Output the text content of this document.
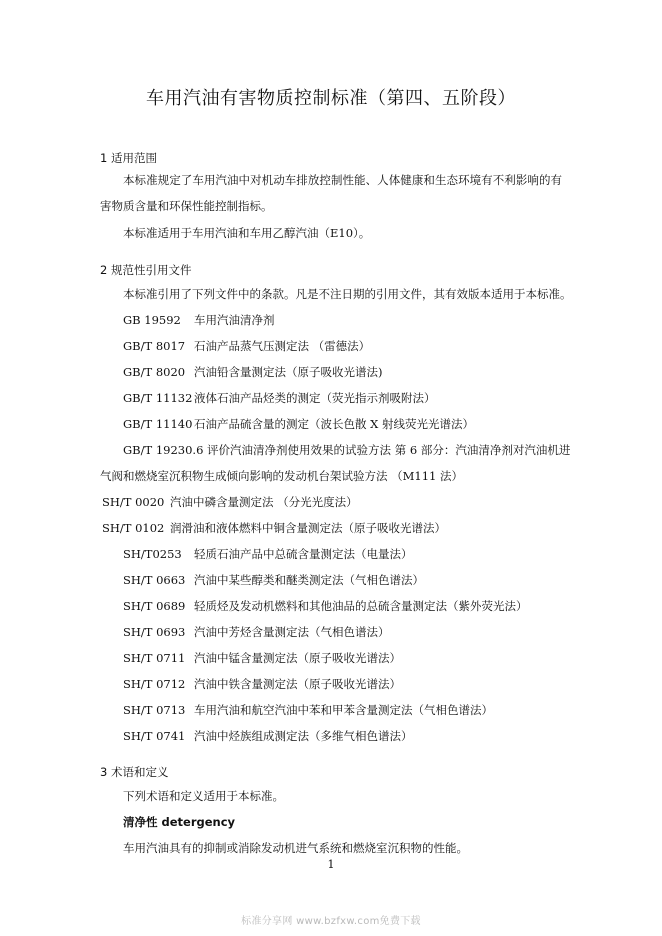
车用汽油有害物质控制标准（第四、五阶段）
1 适用范围

本标准规定了车用汽油中对机动车排放控制性能、人体健康和生态环境有不利影响的有害物质含量和环保性能控制指标。

本标准适用于车用汽油和车用乙醇汽油（E10）。
2 规范性引用文件
本标准引用了下列文件中的条款。凡是不注日期的引用文件，其有效版本适用于本标准。
GB 19592 车用汽油清净剂
GB/T 8017 石油产品蒸气压测定法 （雷德法）
GB/T 8020 汽油铅含量测定法（原子吸收光谱法)
GB/T 11132 液体石油产品烃类的测定（荧光指示剂吸附法）
GB/T 11140 石油产品硫含量的测定（波长色散 X 射线荧光光谱法）
GB/T 19230.6 评价汽油清净剂使用效果的试验方法 第 6 部分：汽油清净剂对汽油机进
气阀和燃烧室沉积物生成倾向影响的发动机台架试验方法 （M111 法）
SH/T 0020 汽油中磷含量测定法 （分光光度法）
SH/T 0102 润滑油和液体燃料中铜含量测定法（原子吸收光谱法）
SH/T0253 轻质石油产品中总硫含量测定法（电量法）
SH/T 0663 汽油中某些醇类和醚类测定法（气相色谱法）
SH/T 0689 轻质烃及发动机燃料和其他油品的总硫含量测定法（紫外荧光法）
SH/T 0693 汽油中芳烃含量测定法（气相色谱法）
SH/T 0711 汽油中锰含量测定法（原子吸收光谱法）
SH/T 0712 汽油中铁含量测定法（原子吸收光谱法）
SH/T 0713 车用汽油和航空汽油中苯和甲苯含量测定法（气相色谱法）
SH/T 0741 汽油中烃族组成测定法（多维气相色谱法）
3 术语和定义
下列术语和定义适用于本标准。
清净性 detergency
车用汽油具有的抑制或消除发动机进气系统和燃烧室沉积物的性能。
1
标准分享网 www.bzfxw.com免费下载
